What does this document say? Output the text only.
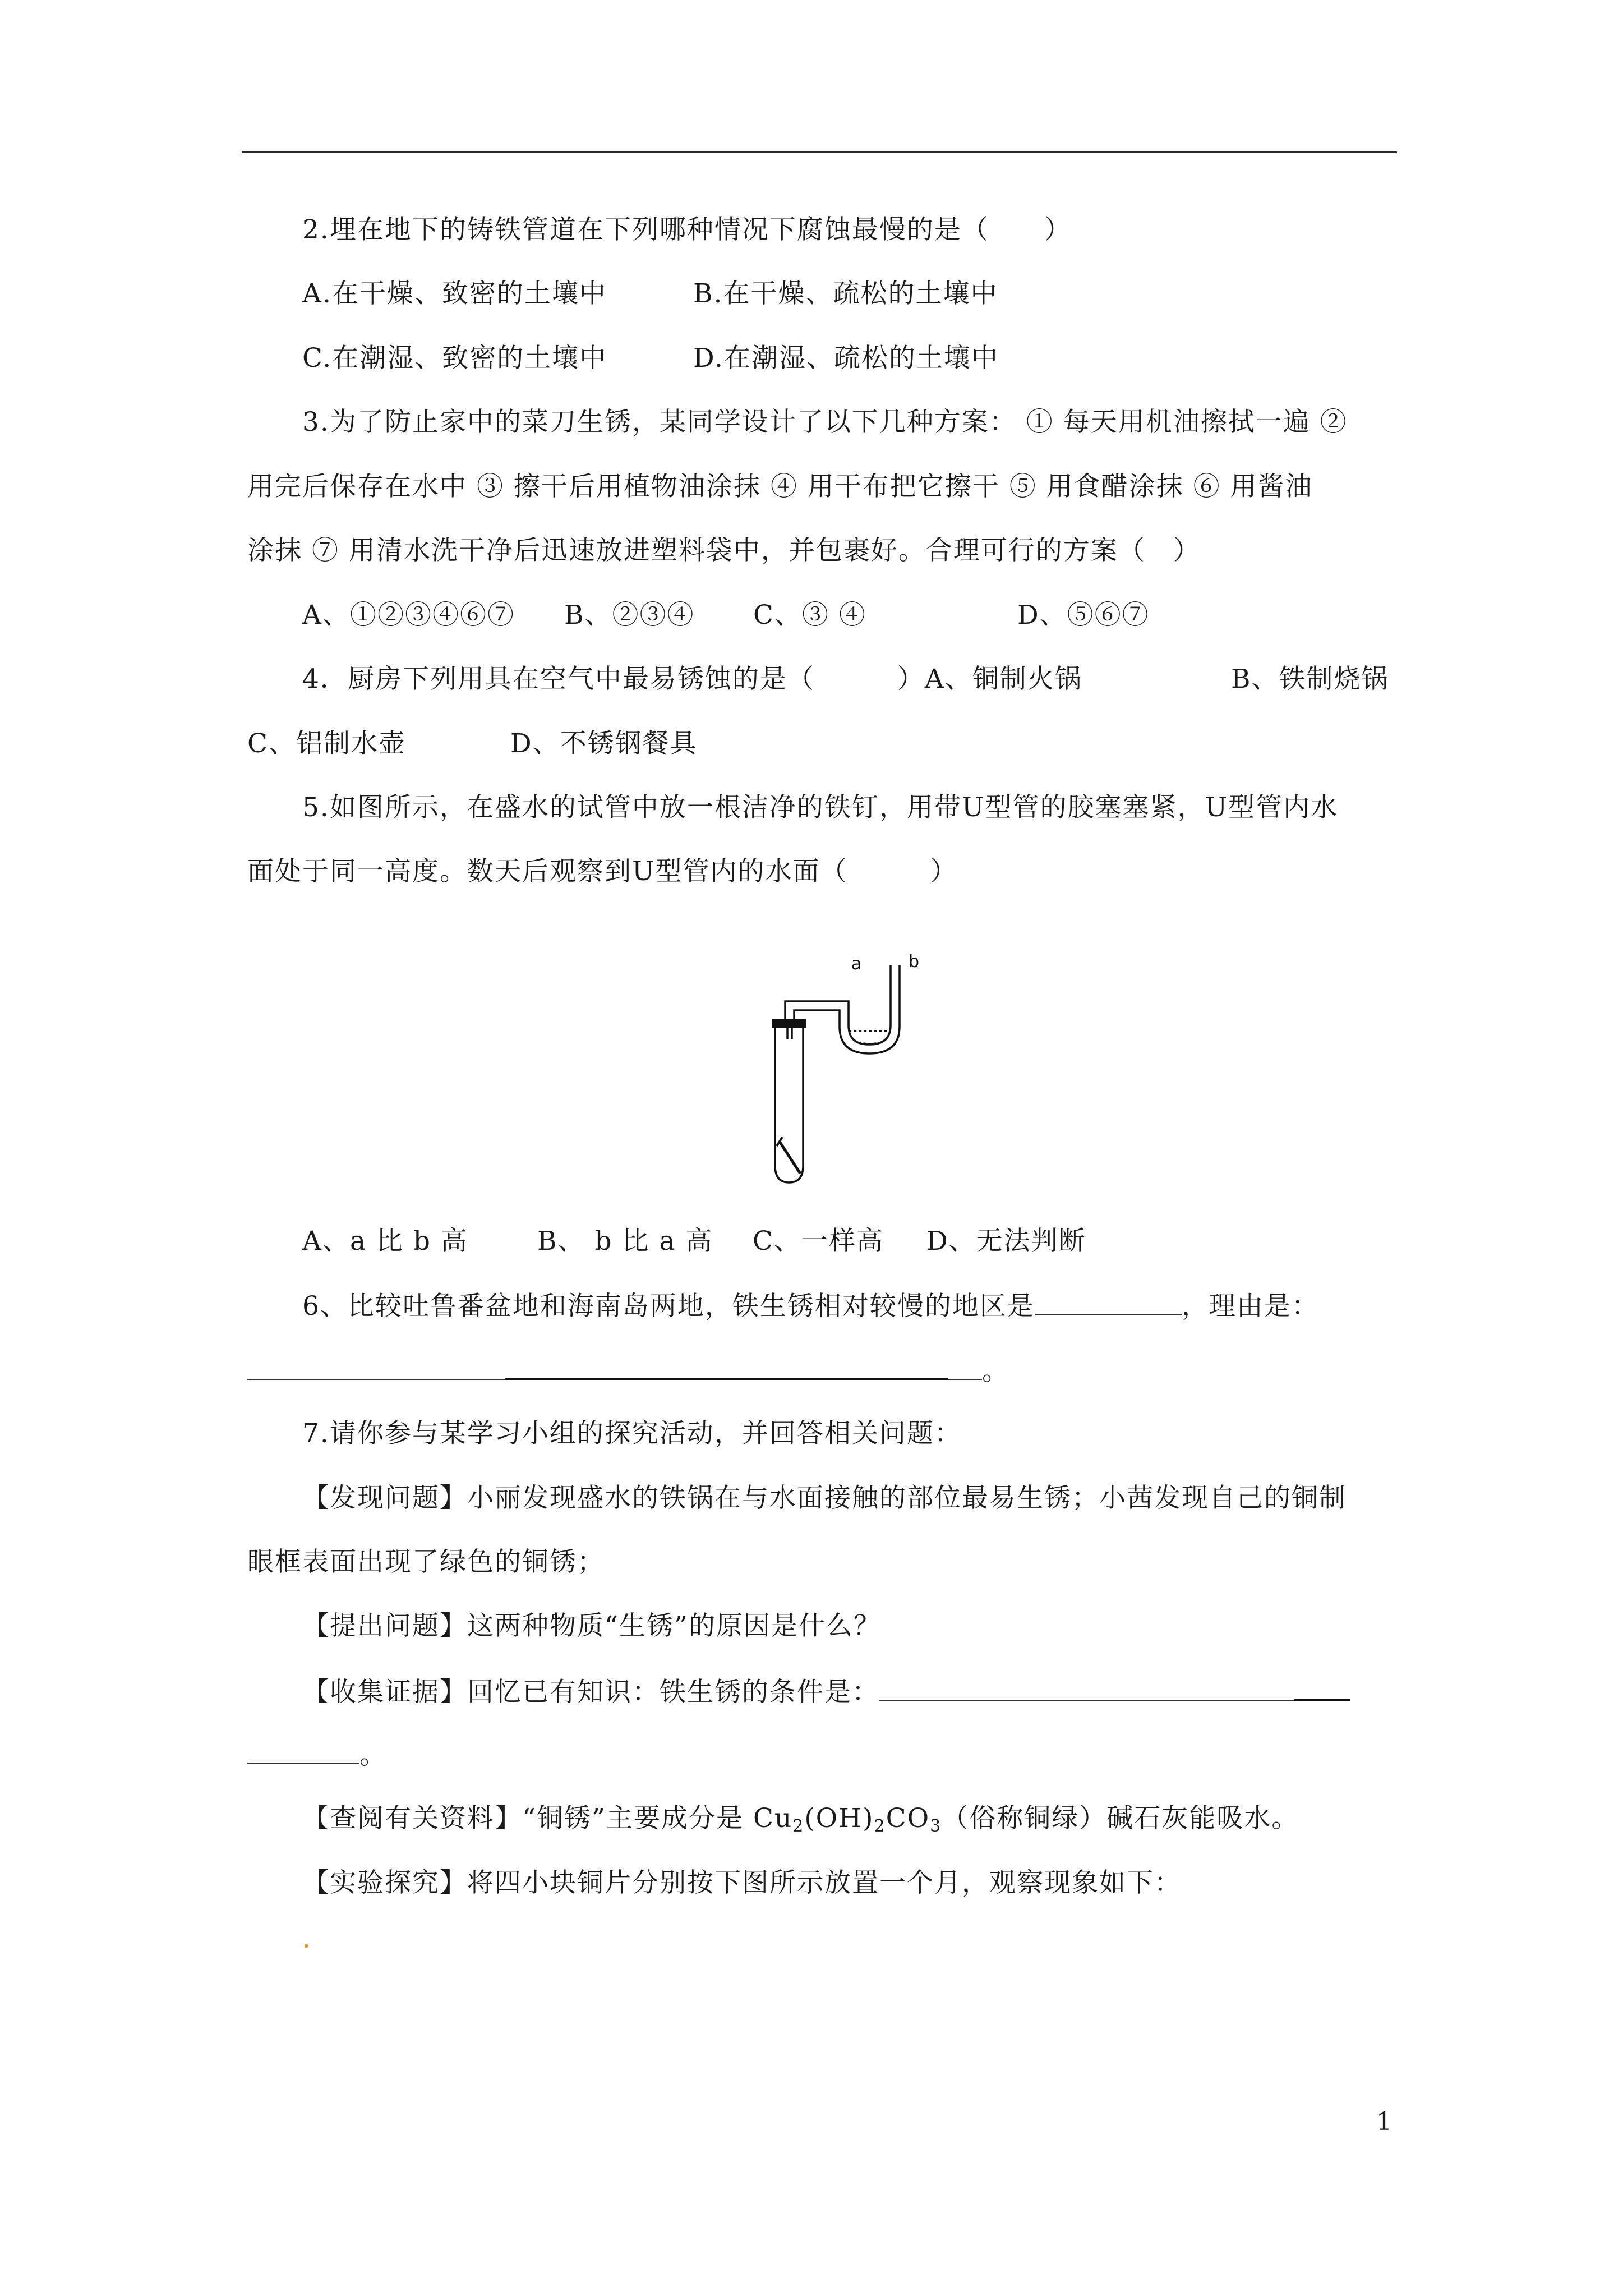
2.埋在地下的铸铁管道在下列哪种情况下腐蚀最慢的是（　　）
A.在干燥、致密的土壤中	B.在干燥、疏松的土壤中
C.在潮湿、致密的土壤中	D.在潮湿、疏松的土壤中
3.为了防止家中的菜刀生锈，某同学设计了以下几种方案： ① 每天用机油擦拭一遍 ②
用完后保存在水中 ③ 擦干后用植物油涂抹 ④ 用干布把它擦干 ⑤ 用食醋涂抹 ⑥ 用酱油
涂抹 ⑦ 用清水洗干净后迅速放进塑料袋中，并包裹好。合理可行的方案（　）
A、①②③④⑥⑦ B、②③④ C、③ ④	D、⑤⑥⑦
4．厨房下列用具在空气中最易锈蚀的是（　　　）A、铜制火锅	B、铁制烧锅
C、铝制水壶	D、不锈钢餐具
5.如图所示，在盛水的试管中放一根洁净的铁钉，用带U型管的胶塞塞紧，U型管内水
面处于同一高度。数天后观察到U型管内的水面（　　　）
a	b
A、a 比 b 高	B、 b 比 a 高 C、一样高 D、无法判断
6、比较吐鲁番盆地和海南岛两地，铁生锈相对较慢的地区是	，理由是：
。
7.请你参与某学习小组的探究活动，并回答相关问题：
【发现问题】小丽发现盛水的铁锅在与水面接触的部位最易生锈；小茜发现自己的铜制
眼框表面出现了绿色的铜锈；
【提出问题】这两种物质“生锈”的原因是什么？
【收集证据】回忆已有知识：铁生锈的条件是：
。
【查阅有关资料】“铜锈”主要成分是 $Cu_2(OH)_2CO_3$（俗称铜绿）碱石灰能吸水。
【实验探究】将四小块铜片分别按下图所示放置一个月，观察现象如下：
1
